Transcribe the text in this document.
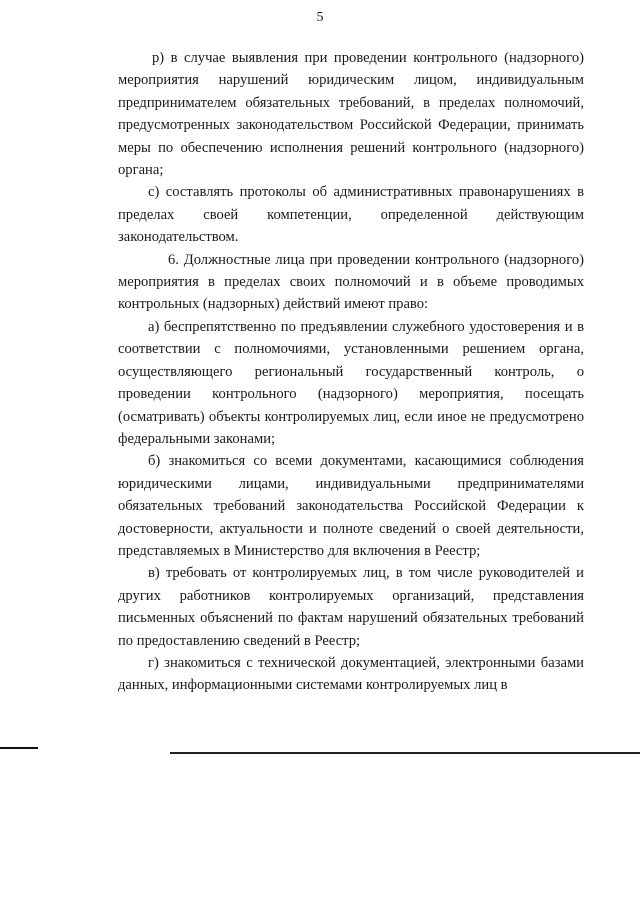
5

р) в случае выявления при проведении контрольного (надзорного) мероприятия нарушений юридическим лицом, индивидуальным предпринимателем обязательных требований, в пределах полномочий, предусмотренных законодательством Российской Федерации, принимать меры по обеспечению исполнения решений контрольного (надзорного) органа;

с) составлять протоколы об административных правонарушениях в пределах своей компетенции, определенной действующим законодательством.

6. Должностные лица при проведении контрольного (надзорного) мероприятия в пределах своих полномочий и в объеме проводимых контрольных (надзорных) действий имеют право:

а) беспрепятственно по предъявлении служебного удостоверения и в соответствии с полномочиями, установленными решением органа, осуществляющего региональный государственный контроль, о проведении контрольного (надзорного) мероприятия, посещать (осматривать) объекты контролируемых лиц, если иное не предусмотрено федеральными законами;

б) знакомиться со всеми документами, касающимися соблюдения юридическими лицами, индивидуальными предпринимателями обязательных требований законодательства Российской Федерации к достоверности, актуальности и полноте сведений о своей деятельности, представляемых в Министерство для включения в Реестр;

в) требовать от контролируемых лиц, в том числе руководителей и других работников контролируемых организаций, представления письменных объяснений по фактам нарушений обязательных требований по предоставлению сведений в Реестр;

г) знакомиться с технической документацией, электронными базами данных, информационными системами контролируемых лиц в
